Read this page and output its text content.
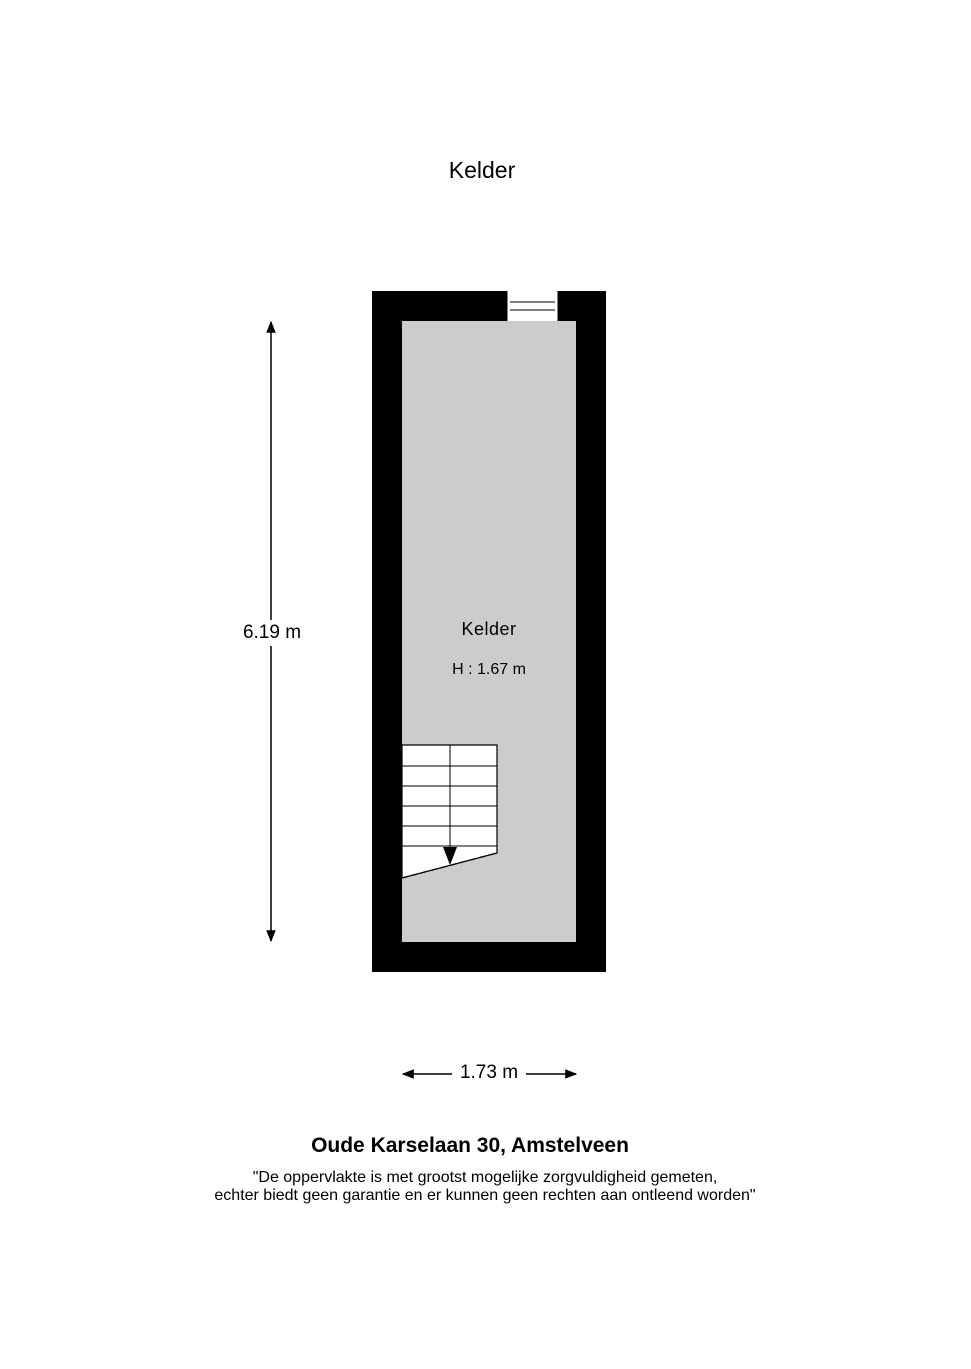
Kelder
Kelder
H : 1.67 m
6.19 m
1.73 m
Oude Karselaan 30, Amstelveen
"De oppervlakte is met grootst mogelijke zorgvuldigheid gemeten,
echter biedt geen garantie en er kunnen geen rechten aan ontleend worden"
